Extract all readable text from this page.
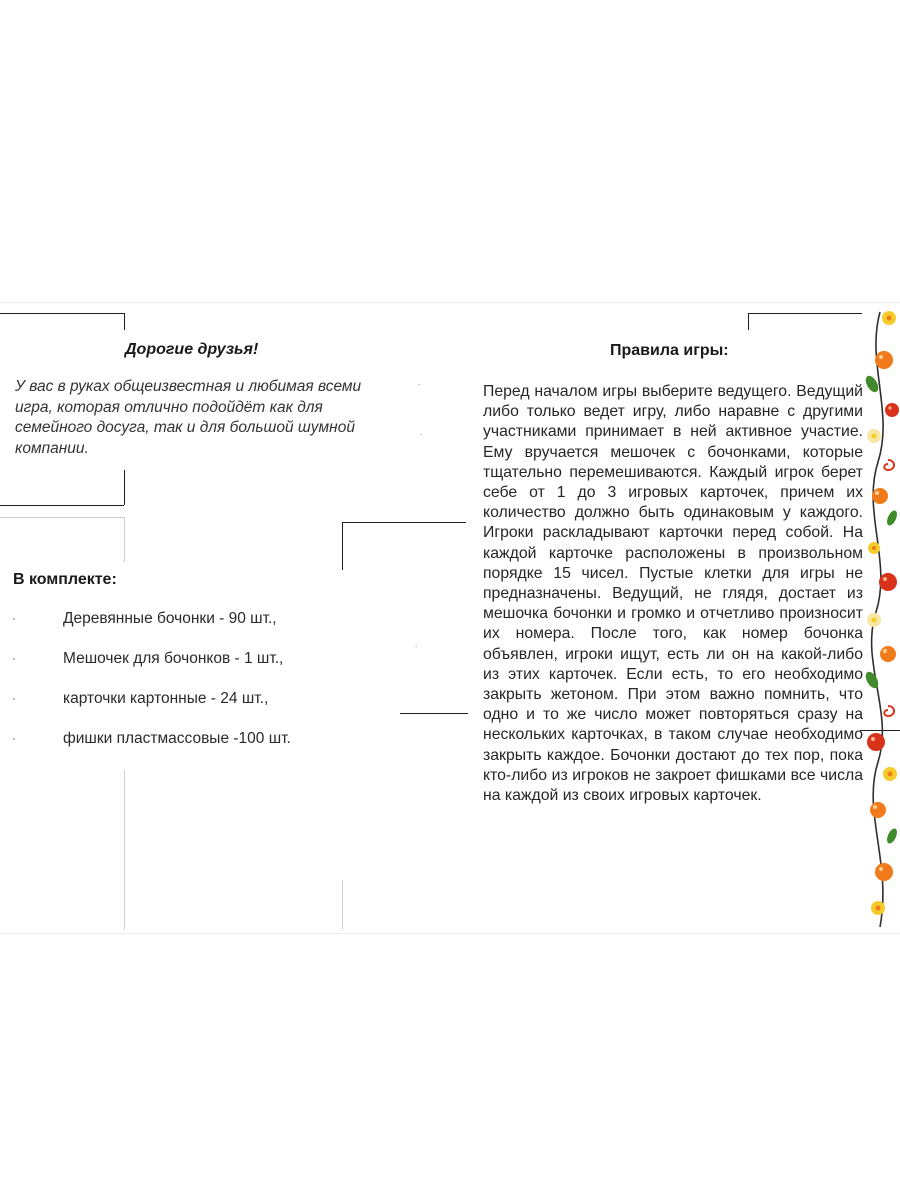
.
.
.
Дорогие друзья!

У вас в руках общеизвестная и любимая всеми игра, которая отлично подойдёт как для семейного досуга, так и для большой шумной компании.

В комплекте:
·	Деревянные бочонки - 90 шт.,
·	Мешочек для бочонков - 1 шт.,
·	карточки картонные - 24 шт.,
·	фишки пластмассовые -100 шт.
Правила игры:

Перед началом игры выберите ведущего. Ведущий либо только ведет игру, либо наравне с другими участниками принимает в ней активное участие. Ему вручается мешочек с бочонками, которые тщательно перемешиваются. Каждый игрок берет себе от 1 до 3 игровых карточек, причем их количество должно быть одинаковым у каждого. Игроки раскладывают карточки перед собой. На каждой карточке расположены в произвольном порядке 15 чисел. Пустые клетки для игры не предназначены. Ведущий, не глядя, достает из мешочка бочонки и громко и отчетливо произносит их номера. После того, как номер бочонка объявлен, игроки ищут, есть ли он на какой-либо из этих карточек. Если есть, то его необходимо закрыть жетоном. При этом важно помнить, что одно и то же число может повторяться сразу на нескольких карточках, в таком случае необходимо закрыть каждое. Бочонки достают до тех пор, пока кто-либо из игроков не закроет фишками все числа на каждой из своих игровых карточек.
